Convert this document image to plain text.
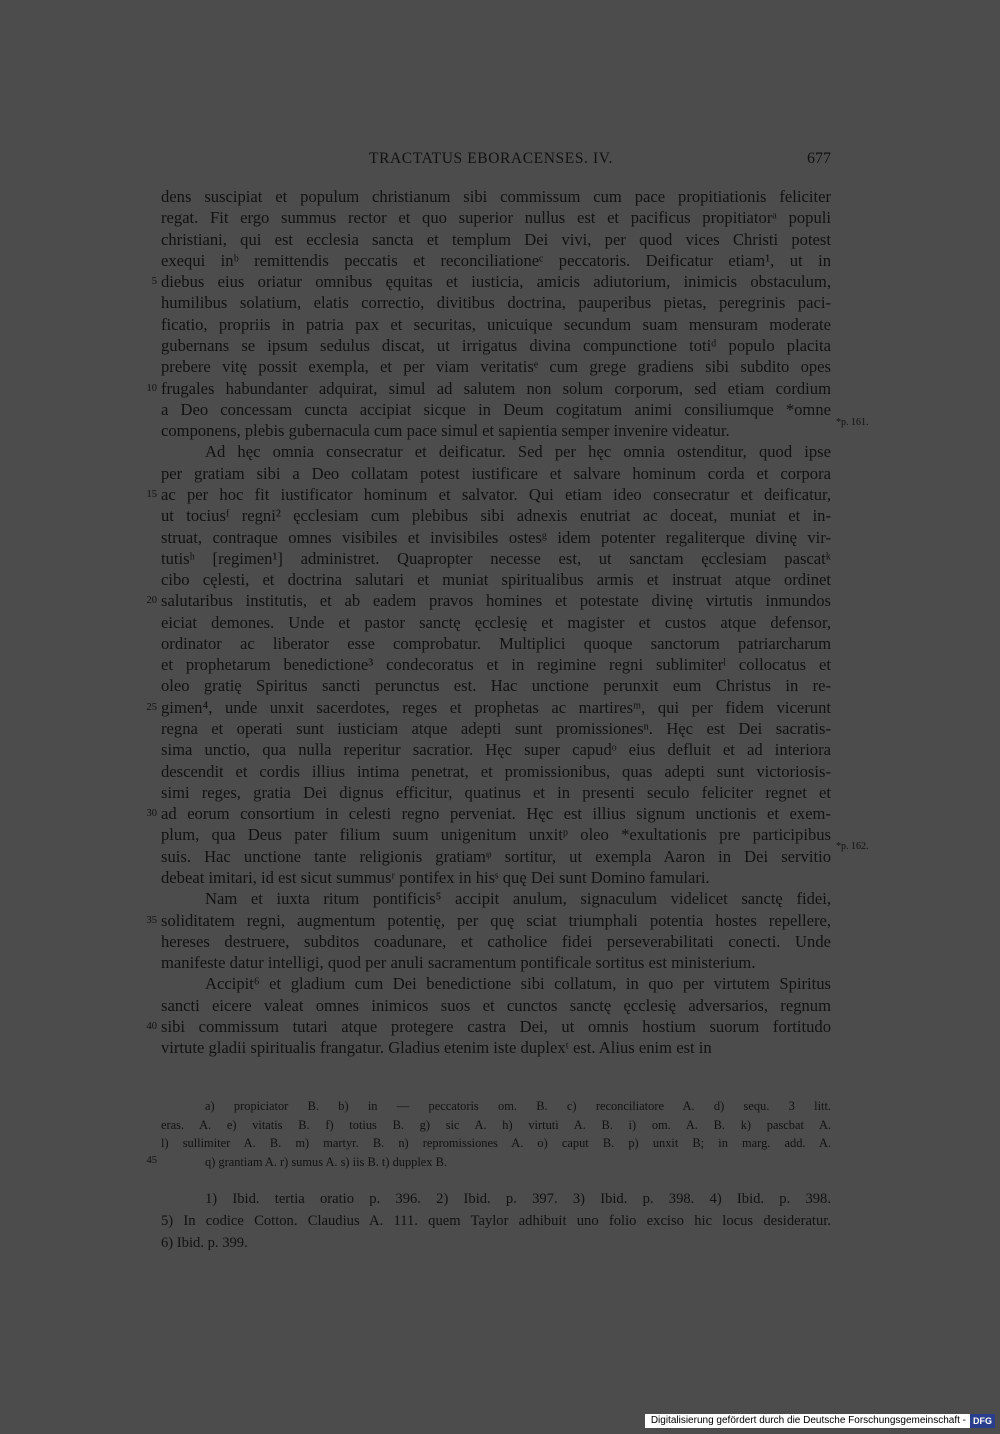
TRACTATUS EBORACENSES. IV.	677
dens suscipiat et populum christianum sibi commissum cum pace propitiationis feliciter
regat. Fit ergo summus rector et quo superior nullus est et pacificus propitiatorᵃ populi
christiani, qui est ecclesia sancta et templum Dei vivi, per quod vices Christi potest
exequi inᵇ remittendis peccatis et reconciliationeᶜ peccatoris. Deificatur etiam¹, ut in
diebus eius oriatur omnibus ęquitas et iusticia, amicis adiutorium, inimicis obstaculum,
humilibus solatium, elatis correctio, divitibus doctrina, pauperibus pietas, peregrinis paci-
ficatio, propriis in patria pax et securitas, unicuique secundum suam mensuram moderate
gubernans se ipsum sedulus discat, ut irrigatus divina compunctione totiᵈ populo placita
prebere vitę possit exempla, et per viam veritatisᵉ cum grege gradiens sibi subdito opes
frugales habundanter adquirat, simul ad salutem non solum corporum, sed etiam cordium
a Deo concessam cuncta accipiat sicque in Deum cogitatum animi consiliumque *omne
componens, plebis gubernacula cum pace simul et sapientia semper invenire videatur.
Ad hęc omnia consecratur et deificatur. Sed per hęc omnia ostenditur, quod ipse
per gratiam sibi a Deo collatam potest iustificare et salvare hominum corda et corpora
ac per hoc fit iustificator hominum et salvator. Qui etiam ideo consecratur et deificatur,
ut tociusᶠ regni² ęcclesiam cum plebibus sibi adnexis enutriat ac doceat, muniat et in-
struat, contraque omnes visibiles et invisibiles ostesᵍ idem potenter regaliterque divinę vir-
tutisʰ [regimen¹] administret. Quapropter necesse est, ut sanctam ęcclesiam pascatᵏ
cibo cęlesti, et doctrina salutari et muniat spiritualibus armis et instruat atque ordinet
salutaribus institutis, et ab eadem pravos homines et potestate divinę virtutis inmundos
eiciat demones. Unde et pastor sanctę ęcclesię et magister et custos atque defensor,
ordinator ac liberator esse comprobatur. Multiplici quoque sanctorum patriarcharum
et prophetarum benedictione³ condecoratus et in regimine regni sublimiterˡ collocatus et
oleo gratię Spiritus sancti perunctus est. Hac unctione perunxit eum Christus in re-
gimen⁴, unde unxit sacerdotes, reges et prophetas ac martiresᵐ, qui per fidem vicerunt
regna et operati sunt iusticiam atque adepti sunt promissionesⁿ. Hęc est Dei sacratis-
sima unctio, qua nulla reperitur sacratior. Hęc super capudᵒ eius defluit et ad interiora
descendit et cordis illius intima penetrat, et promissionibus, quas adepti sunt victoriosis-
simi reges, gratia Dei dignus efficitur, quatinus et in presenti seculo feliciter regnet et
ad eorum consortium in celesti regno perveniat. Hęc est illius signum unctionis et exem-
plum, qua Deus pater filium suum unigenitum unxitᵖ oleo *exultationis pre participibus
suis. Hac unctione tante religionis gratiamᵠ sortitur, ut exempla Aaron in Dei servitio
debeat imitari, id est sicut summusʳ pontifex in hisˢ quę Dei sunt Domino famulari.
Nam et iuxta ritum pontificis⁵ accipit anulum, signaculum videlicet sanctę fidei,
soliditatem regni, augmentum potentię, per quę sciat triumphali potentia hostes repellere,
hereses destruere, subditos coadunare, et catholice fidei perseverabilitati conecti. Unde
manifeste datur intelligi, quod per anuli sacramentum pontificale sortitus est ministerium.
Accipit⁶ et gladium cum Dei benedictione sibi collatum, in quo per virtutem Spiritus
sancti eicere valeat omnes inimicos suos et cunctos sanctę ęcclesię adversarios, regnum
sibi commissum tutari atque protegere castra Dei, ut omnis hostium suorum fortitudo
virtute gladii spiritualis frangatur. Gladius etenim iste duplexᵗ est. Alius enim est in
5
10
15
20
25
30
35
40
*p. 161.
*p. 162.
a) propiciator B. b) in — peccatoris om. B. c) reconciliatore A. d) sequ. 3 litt.
eras. A. e) vitatis B. f) totius B. g) sic A. h) virtuti A. B. i) om. A. B. k) pascbat A.
l) sullimiter A. B. m) martyr. B. n) repromissiones A. o) caput B. p) unxit B; in marg. add. A.
q) grantiam A. r) sumus A. s) iis B. t) dupplex B.
45
1) Ibid. tertia oratio p. 396. 2) Ibid. p. 397. 3) Ibid. p. 398. 4) Ibid. p. 398.
5) In codice Cotton. Claudius A. 111. quem Taylor adhibuit uno folio exciso hic locus desideratur.
6) Ibid. p. 399.
Digitalisierung gefördert durch die Deutsche Forschungsgemeinschaft - DFG
